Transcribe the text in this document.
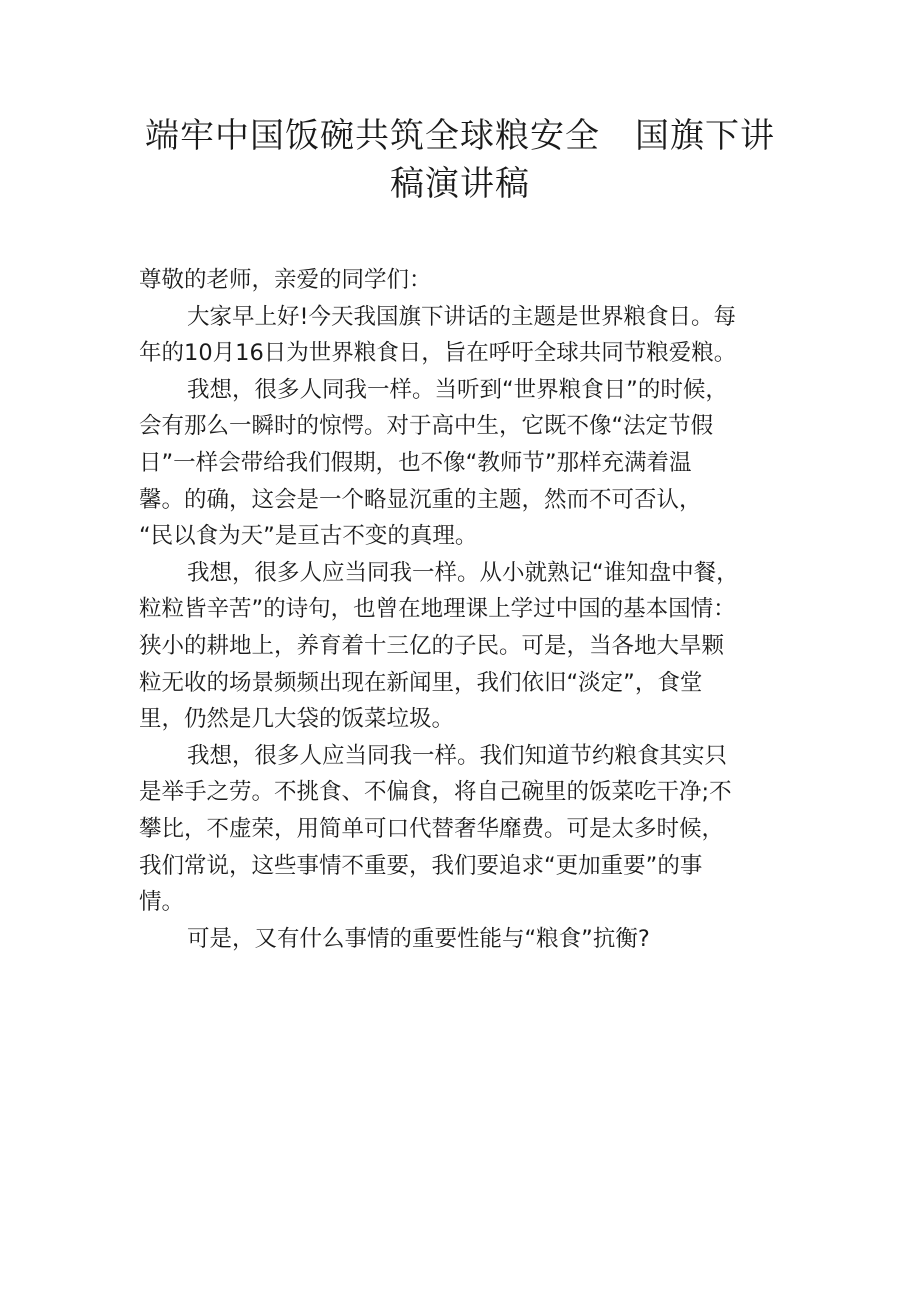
端牢中国饭碗共筑全球粮安全　国旗下讲
稿演讲稿
尊敬的老师，亲爱的同学们：
大家早上好!今天我国旗下讲话的主题是世界粮食日。每
年的10月16日为世界粮食日，旨在呼吁全球共同节粮爱粮。
我想，很多人同我一样。当听到“世界粮食日”的时候，
会有那么一瞬时的惊愕。对于高中生，它既不像“法定节假
日”一样会带给我们假期，也不像“教师节”那样充满着温
馨。的确，这会是一个略显沉重的主题，然而不可否认，
“民以食为天”是亘古不变的真理。
我想，很多人应当同我一样。从小就熟记“谁知盘中餐，
粒粒皆辛苦”的诗句，也曾在地理课上学过中国的基本国情：
狭小的耕地上，养育着十三亿的子民。可是，当各地大旱颗
粒无收的场景频频出现在新闻里，我们依旧“淡定”，食堂
里，仍然是几大袋的饭菜垃圾。
我想，很多人应当同我一样。我们知道节约粮食其实只
是举手之劳。不挑食、不偏食，将自己碗里的饭菜吃干净;不
攀比，不虚荣，用简单可口代替奢华靡费。可是太多时候，
我们常说，这些事情不重要，我们要追求“更加重要”的事
情。
可是，又有什么事情的重要性能与“粮食”抗衡?
